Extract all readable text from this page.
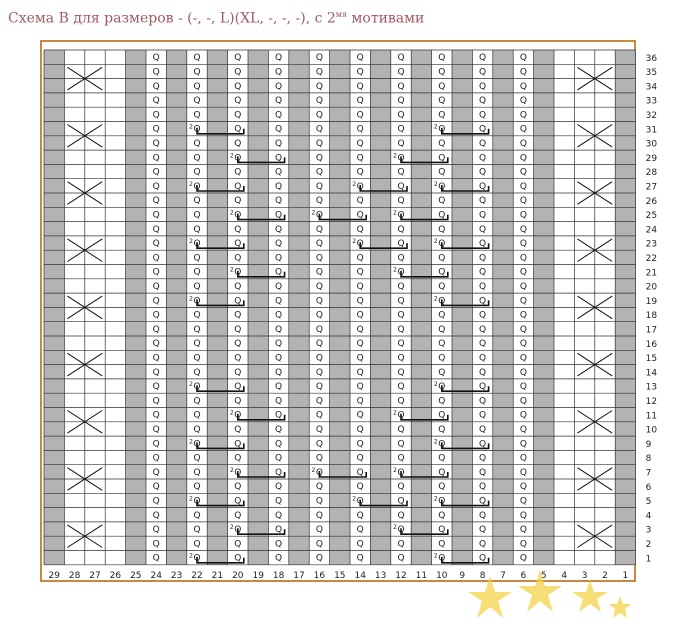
Схема B для размеров - (-, -, L)(XL, -, -, -), с $2^{мя}$ мотивами
1
2
3
4
5
6
7
8
9
10
11
12
13
14
15
16
17
18
19
20
21
22
23
24
25
26
27
28
29
30
31
32
33
34
35
36
29 28 27 26 25 24 23 22 21 20 19 18 17 16 15 14 13 12 11 10 9 8 7 6 5 4 3 2 1
Q
Q
Q
Q
Q
Q
Q
Q
Q
Q
Q
Q
Q
Q
Q
Q
Q
Q
Q
Q
Q
Q
Q
Q
Q
Q
Q
Q
Q
Q
Q
Q
Q
Q
Q
Q
Q
2
Q
Q
Q
Q
2
Q
Q
Q
Q
2
Q
Q
Q
Q
2
Q
Q
Q
Q
Q
Q
2
Q
Q
Q
Q
2
Q
Q
Q
Q
2
Q
Q
Q
Q
2
Q
Q
Q
Q
Q
Q
Q
Q
2
Q
Q
Q
Q
2
Q
Q
Q
Q
2
Q
Q
Q
Q
Q
Q
Q
Q
Q
Q
2
Q
Q
Q
Q
2
Q
Q
Q
Q
2
Q
Q
Q
Q
Q
Q
Q
Q
Q
Q
Q
Q
Q
Q
Q
Q
Q
Q
Q
Q
Q
Q
Q
Q
Q
Q
Q
Q
Q
Q
Q
Q
Q
Q
Q
Q
Q
Q
Q
Q
Q
Q
Q
Q
Q
Q
Q
Q
Q
Q
2
Q
Q
Q
Q
Q
Q
Q
Q
Q
Q
Q
Q
Q
Q
Q
Q
Q
Q
2
Q
Q
Q
Q
Q
Q
Q
Q
Q
Q
Q
Q
Q
Q
Q
Q
2
Q
Q
Q
Q
Q
Q
Q
Q
Q
Q
Q
Q
Q
Q
Q
Q
Q
Q
2
Q
Q
Q
Q
2
Q
Q
Q
Q
Q
Q
Q
Q
Q
Q
Q
Q
2
Q
Q
Q
Q
2
Q
Q
Q
Q
2
Q
Q
Q
Q
Q
Q
Q
Q
Q
Q
2
Q
Q
Q
Q
2
Q
Q
Q
Q
2
Q
Q
Q
Q
Q
Q
Q
Q
2
Q
Q
Q
Q
2
Q
Q
Q
Q
2
Q
Q
Q
Q
2
Q
Q
Q
Q
Q
Q
2
Q
Q
Q
Q
2
Q
Q
Q
Q
2
Q
Q
Q
Q
2
Q
Q
Q
Q
Q
Q
Q
Q
Q
Q
Q
Q
Q
Q
Q
Q
Q
Q
Q
Q
Q
Q
Q
Q
Q
Q
Q
Q
Q
Q
Q
Q
Q
Q
Q
Q
Q
Q
Q
Q
Q
Q
Q
Q
Q
Q
Q
Q
Q
Q
Q
Q
Q
Q
Q
Q
Q
Q
Q
Q
Q
Q
Q
Q
Q
Q
Q
Q
Q
Q
Q
Q
Q
Q
Q
Q
Q
